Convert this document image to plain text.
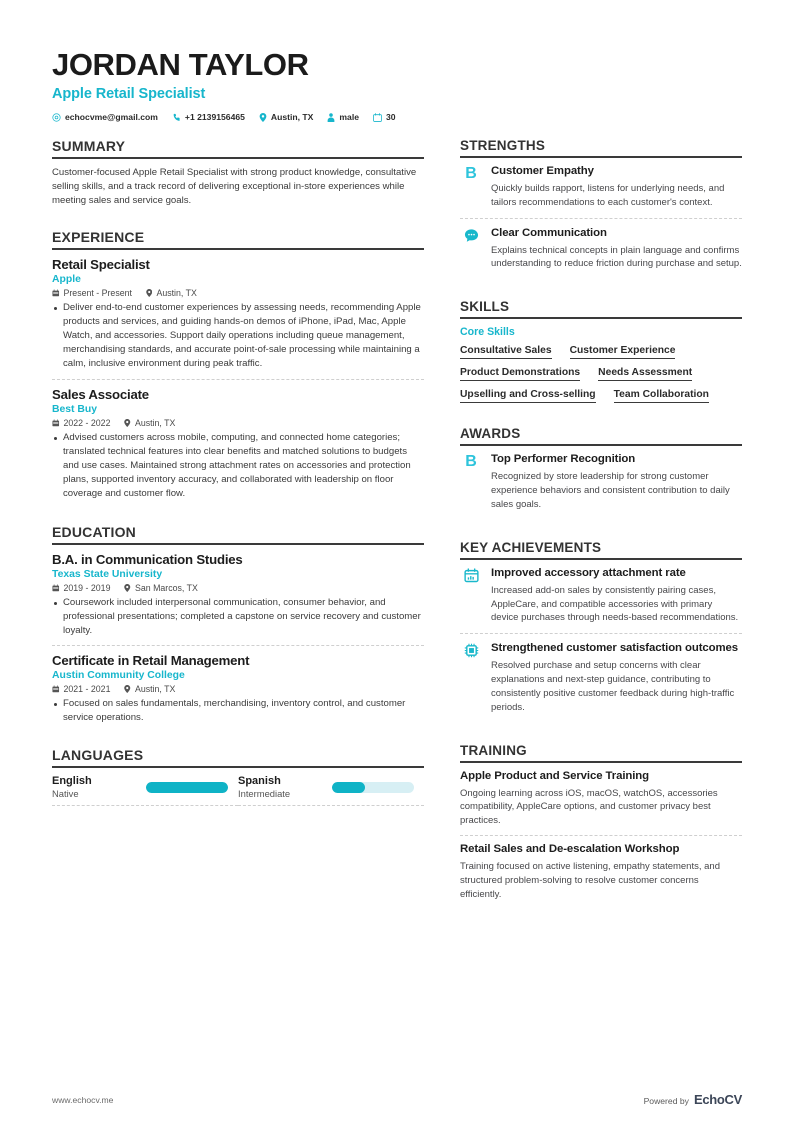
JORDAN TAYLOR
Apple Retail Specialist
echocvme@gmail.com	+1 2139156465	Austin, TX	male	30
SUMMARY

Customer-focused Apple Retail Specialist with strong product knowledge, consultative selling skills, and a track record of delivering exceptional in-store experiences while meeting sales and service goals.

EXPERIENCE
Retail Specialist
Apple
Present - Present	Austin, TX
Deliver end-to-end customer experiences by assessing needs, recommending Apple products and services, and guiding hands-on demos of iPhone, iPad, Mac, Apple Watch, and accessories. Support daily operations including queue management, merchandising standards, and accurate point-of-sale processing while maintaining a calm, inclusive environment during peak traffic.
Sales Associate
Best Buy
2022 - 2022	Austin, TX
Advised customers across mobile, computing, and connected home categories; translated technical features into clear benefits and matched solutions to budgets and use cases. Maintained strong attachment rates on accessories and protection plans, supported inventory accuracy, and collaborated with leadership on floor coverage and customer flow.
EDUCATION
B.A. in Communication Studies
Texas State University
2019 - 2019	San Marcos, TX
Coursework included interpersonal communication, consumer behavior, and professional presentations; completed a capstone on service recovery and customer loyalty.
Certificate in Retail Management
Austin Community College
2021 - 2021	Austin, TX
Focused on sales fundamentals, merchandising, inventory control, and customer service operations.
LANGUAGES
English
Native
Spanish
Intermediate
STRENGTHS
B Customer Empathy
Quickly builds rapport, listens for underlying needs, and tailors recommendations to each customer's context.
Clear Communication
Explains technical concepts in plain language and confirms understanding to reduce friction during purchase and setup.
SKILLS
Core Skills
Consultative Sales Customer Experience
Product Demonstrations Needs Assessment
Upselling and Cross-selling Team Collaboration
AWARDS
B Top Performer Recognition
Recognized by store leadership for strong customer experience behaviors and consistent contribution to daily sales goals.
KEY ACHIEVEMENTS
Improved accessory attachment rate
Increased add-on sales by consistently pairing cases, AppleCare, and compatible accessories with primary device purchases through needs-based recommendations.
Strengthened customer satisfaction outcomes
Resolved purchase and setup concerns with clear explanations and next-step guidance, contributing to consistently positive customer feedback during high-traffic periods.
TRAINING
Apple Product and Service Training
Ongoing learning across iOS, macOS, watchOS, accessories compatibility, AppleCare options, and customer privacy best practices.
Retail Sales and De-escalation Workshop
Training focused on active listening, empathy statements, and structured problem-solving to resolve customer concerns efficiently.
www.echocv.me	Powered by EchoCV
